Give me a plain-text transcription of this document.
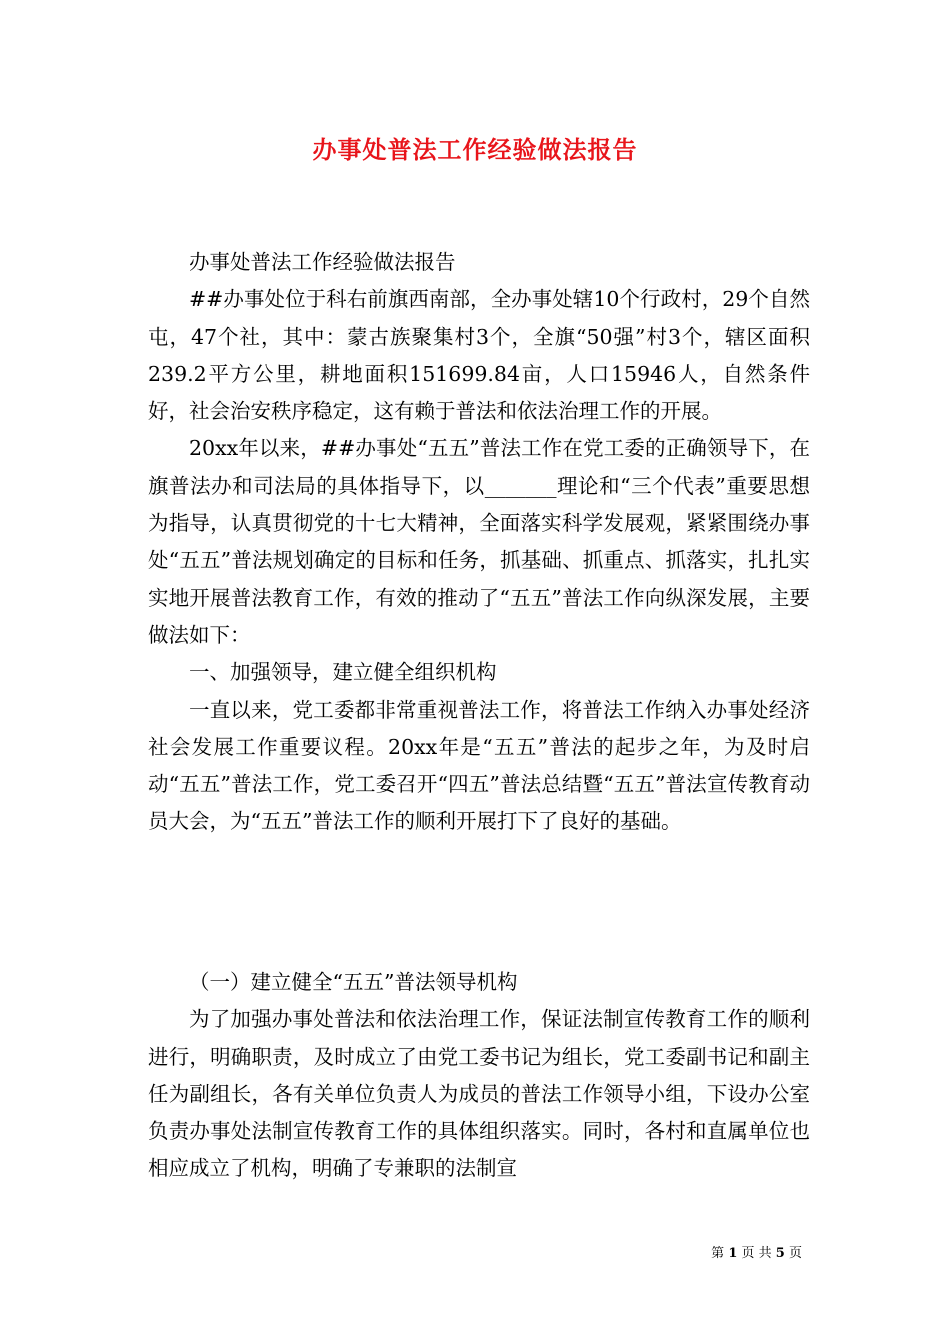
办事处普法工作经验做法报告

办事处普法工作经验做法报告

##办事处位于科右前旗西南部，全办事处辖10个行政村，29个自然屯，47个社，其中：蒙古族聚集村3个，全旗“50强”村3个，辖区面积239.2平方公里，耕地面积151699.84亩，人口15946人，自然条件好，社会治安秩序稳定，这有赖于普法和依法治理工作的开展。

20xx年以来，##办事处“五五”普法工作在党工委的正确领导下，在旗普法办和司法局的具体指导下，以_______理论和“三个代表”重要思想为指导，认真贯彻党的十七大精神，全面落实科学发展观，紧紧围绕办事处“五五”普法规划确定的目标和任务，抓基础、抓重点、抓落实，扎扎实实地开展普法教育工作，有效的推动了“五五”普法工作向纵深发展，主要做法如下：

一、加强领导，建立健全组织机构

一直以来，党工委都非常重视普法工作，将普法工作纳入办事处经济社会发展工作重要议程。20xx年是“五五”普法的起步之年，为及时启动“五五”普法工作，党工委召开“四五”普法总结暨“五五”普法宣传教育动员大会，为“五五”普法工作的顺利开展打下了良好的基础。

（一）建立健全“五五”普法领导机构

为了加强办事处普法和依法治理工作，保证法制宣传教育工作的顺利进行，明确职责，及时成立了由党工委书记为组长，党工委副书记和副主任为副组长，各有关单位负责人为成员的普法工作领导小组，下设办公室负责办事处法制宣传教育工作的具体组织落实。同时，各村和直属单位也相应成立了机构，明确了专兼职的法制宣

第 1 页 共 5 页
